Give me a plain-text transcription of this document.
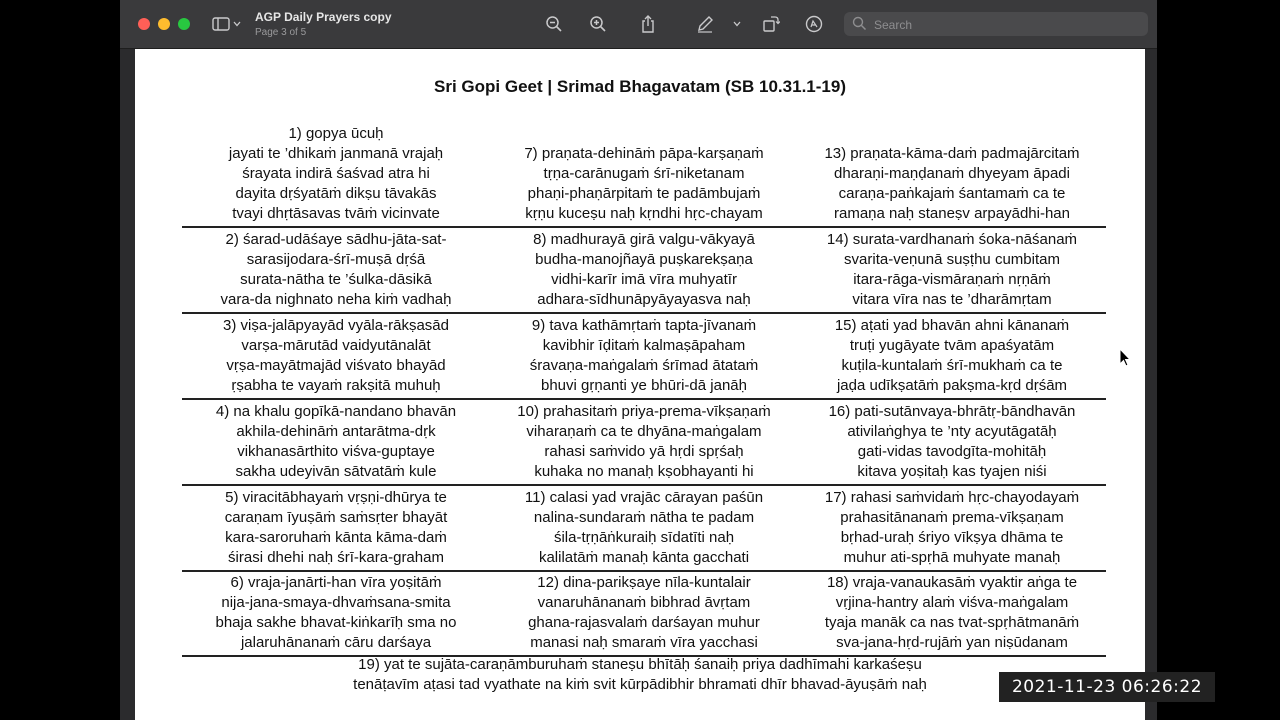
AGP Daily Prayers copy
Page 3 of 5
Search
Sri Gopi Geet | Srimad Bhagavatam (SB 10.31.1-19)
1) gopya ūcuḥ
jayati te ’dhikaṁ janmanā vrajaḥ
śrayata indirā śaśvad atra hi
dayita dṛśyatāṁ dikṣu tāvakās
tvayi dhṛtāsavas tvāṁ vicinvate
7) praṇata-dehināṁ pāpa-karṣaṇaṁ
tṛṇa-carānugaṁ śrī-niketanam
phaṇi-phaṇārpitaṁ te padāmbujaṁ
kṛṇu kuceṣu naḥ kṛndhi hṛc-chayam
13) praṇata-kāma-daṁ padmajārcitaṁ
dharaṇi-maṇḍanaṁ dhyeyam āpadi
caraṇa-paṅkajaṁ śantamaṁ ca te
ramaṇa naḥ staneṣv arpayādhi-han
2) śarad-udāśaye sādhu-jāta-sat-
sarasijodara-śrī-muṣā dṛśā
surata-nātha te ’śulka-dāsikā
vara-da nighnato neha kiṁ vadhaḥ
8) madhurayā girā valgu-vākyayā
budha-manojñayā puṣkarekṣaṇa
vidhi-karīr imā vīra muhyatīr
adhara-sīdhunāpyāyayasva naḥ
14) surata-vardhanaṁ śoka-nāśanaṁ
svarita-veṇunā suṣṭhu cumbitam
itara-rāga-vismāraṇaṁ nṛṇāṁ
vitara vīra nas te ’dharāmṛtam
3) viṣa-jalāpyayād vyāla-rākṣasād
varṣa-mārutād vaidyutānalāt
vṛṣa-mayātmajād viśvato bhayād
ṛṣabha te vayaṁ rakṣitā muhuḥ
9) tava kathāmṛtaṁ tapta-jīvanaṁ
kavibhir īḍitaṁ kalmaṣāpaham
śravaṇa-maṅgalaṁ śrīmad ātataṁ
bhuvi gṛṇanti ye bhūri-dā janāḥ
15) aṭati yad bhavān ahni kānanaṁ
truṭi yugāyate tvām apaśyatām
kuṭila-kuntalaṁ śrī-mukhaṁ ca te
jaḍa udīkṣatāṁ pakṣma-kṛd dṛśām
4) na khalu gopīkā-nandano bhavān
akhila-dehināṁ antarātma-dṛk
vikhanasārthito viśva-guptaye
sakha udeyivān sātvatāṁ kule
10) prahasitaṁ priya-prema-vīkṣaṇaṁ
viharaṇaṁ ca te dhyāna-maṅgalam
rahasi saṁvido yā hṛdi spṛśaḥ
kuhaka no manaḥ kṣobhayanti hi
16) pati-sutānvaya-bhrātṛ-bāndhavān
ativilaṅghya te ’nty acyutāgatāḥ
gati-vidas tavodgīta-mohitāḥ
kitava yoṣitaḥ kas tyajen niśi
5) viracitābhayaṁ vṛṣṇi-dhūrya te
caraṇam īyuṣāṁ saṁsṛter bhayāt
kara-saroruhaṁ kānta kāma-daṁ
śirasi dhehi naḥ śrī-kara-graham
11) calasi yad vrajāc cārayan paśūn
nalina-sundaraṁ nātha te padam
śila-tṛṇāṅkuraiḥ sīdatīti naḥ
kalilatāṁ manaḥ kānta gacchati
17) rahasi saṁvidaṁ hṛc-chayodayaṁ
prahasitānanaṁ prema-vīkṣaṇam
bṛhad-uraḥ śriyo vīkṣya dhāma te
muhur ati-spṛhā muhyate manaḥ
6) vraja-janārti-han vīra yoṣitāṁ
nija-jana-smaya-dhvaṁsana-smita
bhaja sakhe bhavat-kiṅkarīḥ sma no
jalaruhānanaṁ cāru darśaya
12) dina-parikṣaye nīla-kuntalair
vanaruhānanaṁ bibhrad āvṛtam
ghana-rajasvalaṁ darśayan muhur
manasi naḥ smaraṁ vīra yacchasi
18) vraja-vanaukasāṁ vyaktir aṅga te
vṛjina-hantry alaṁ viśva-maṅgalam
tyaja manāk ca nas tvat-spṛhātmanāṁ
sva-jana-hṛd-rujāṁ yan niṣūdanam
19) yat te sujāta-caraṇāmburuhaṁ staneṣu bhītāḥ śanaiḥ priya dadhīmahi karkaśeṣu
tenāṭavīm aṭasi tad vyathate na kiṁ svit kūrpādibhir bhramati dhīr bhavad-āyuṣāṁ naḥ	2021-11-23 06:26:22
